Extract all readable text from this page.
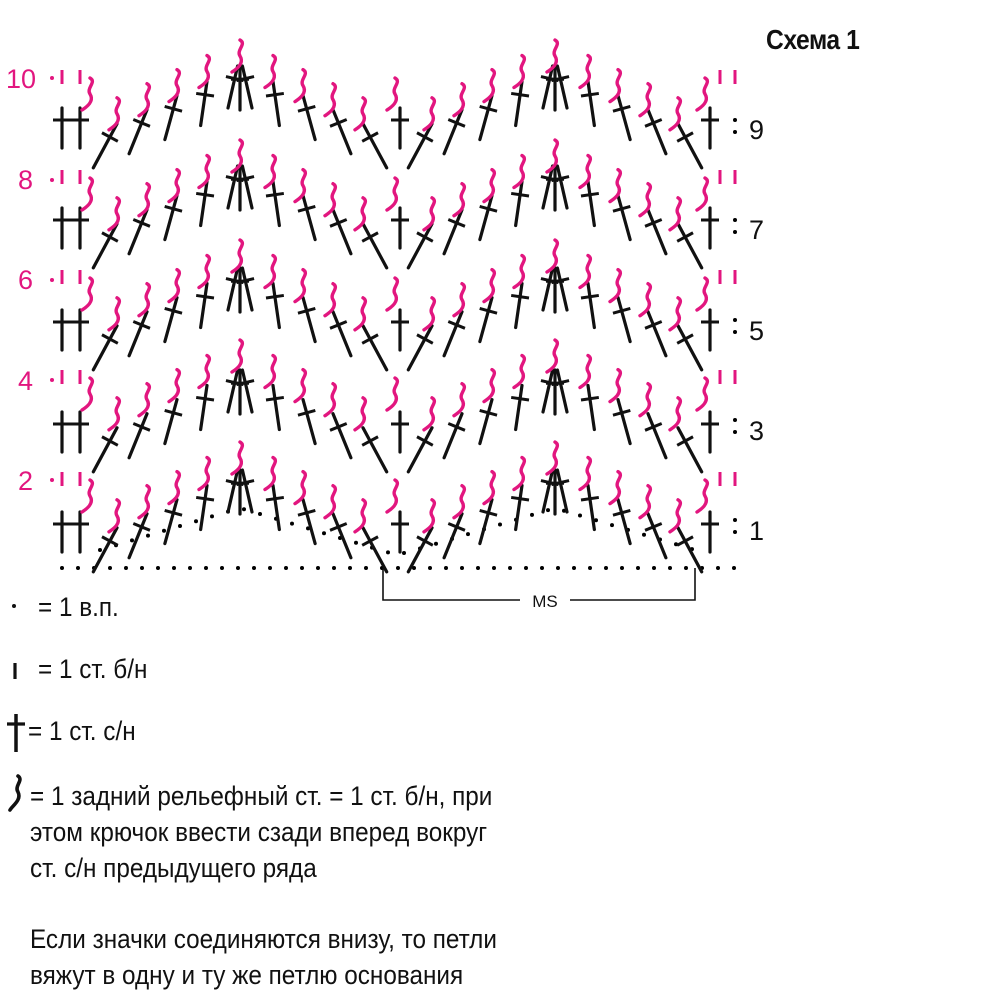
MS
Схема 1
10
8
6
4
2
9
7
5
3
1
= 1 в.п.
= 1 ст. б/н
= 1 ст. с/н
= 1 задний рельефный ст. = 1 ст. б/н, при
этом крючок ввести сзади вперед вокруг
ст. с/н предыдущего ряда
Если значки соединяются внизу, то петли
вяжут в одну и ту же петлю основания
